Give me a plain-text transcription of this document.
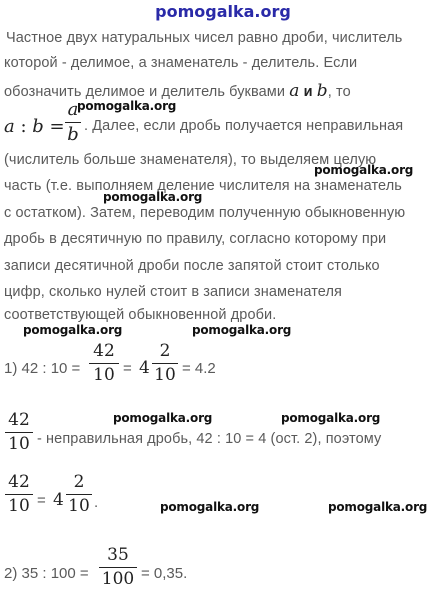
pomogalka.org
Частное двух натуральных чисел равно дроби, числитель
которой - делимое, а знаменатель - делитель. Если
обозначить делимое и делитель буквами a и b, то
a : b =
a
b . Далее, если дробь получается неправильная
(числитель больше знаменателя), то выделяем целую
часть (т.е. выполняем деление числителя на знаменатель
с остатком). Затем, переводим полученную обыкновенную
дробь в десятичную по правилу, согласно которому при
записи десятичной дроби после запятой стоит столько
цифр, сколько нулей стоит в записи знаменателя
соответствующей обыкновенной дроби.
1) 42 : 10 =
42
10 = 4
2
10 = 4.2
42
10 - неправильная дробь, 42 : 10 = 4 (ост. 2), поэтому
42
10 = 4
2
10 .
2) 35 : 100 =
35
100 = 0,35.
pomogalka.org
pomogalka.org
pomogalka.org
pomogalka.org	pomogalka.org
pomogalka.org	pomogalka.org
pomogalka.org	pomogalka.org
